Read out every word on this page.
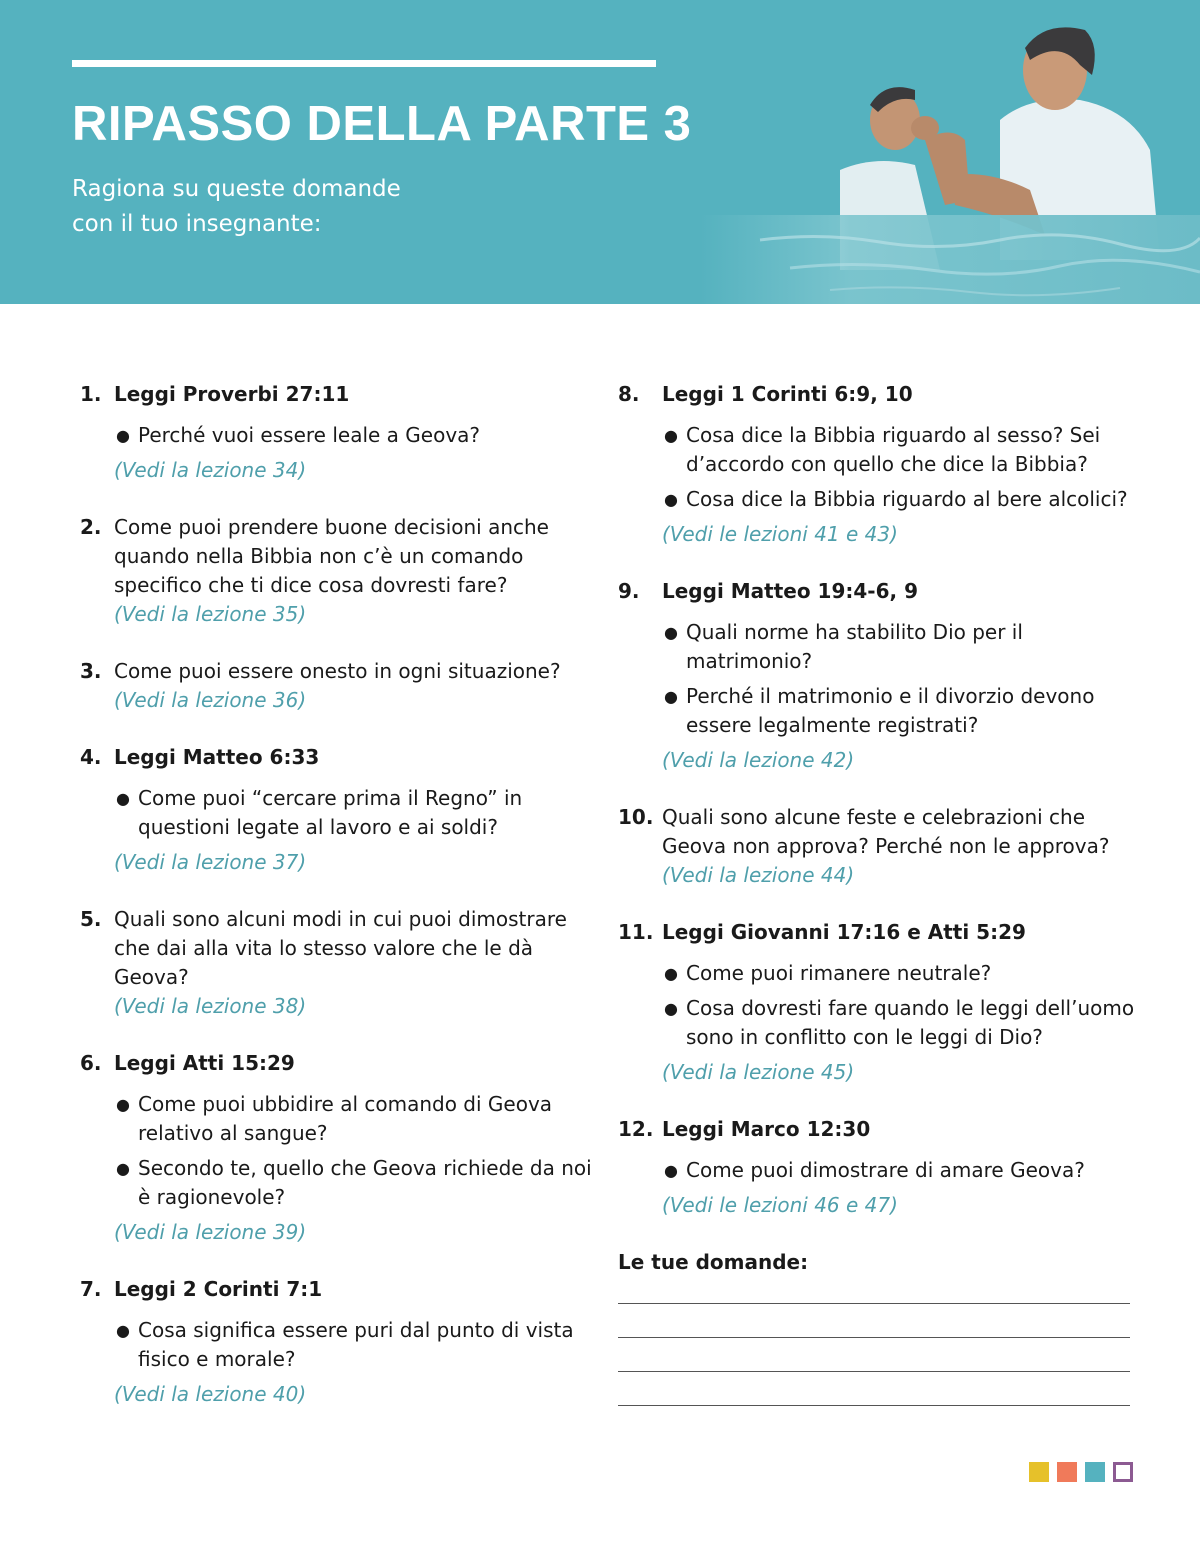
RIPASSO DELLA PARTE 3
Ragiona su queste domande
con il tuo insegnante:
1. Leggi Proverbi 27:11
● Perché vuoi essere leale a Geova?
(Vedi la lezione 34)
2. Come puoi prendere buone decisioni anche quando nella Bibbia non c’è un comando specifico che ti dice cosa dovresti fare?
(Vedi la lezione 35)
3. Come puoi essere onesto in ogni situazione?
(Vedi la lezione 36)
4. Leggi Matteo 6:33
● Come puoi “cercare prima il Regno” in questioni legate al lavoro e ai soldi?
(Vedi la lezione 37)
5. Quali sono alcuni modi in cui puoi dimostrare che dai alla vita lo stesso valore che le dà Geova?
(Vedi la lezione 38)
6. Leggi Atti 15:29
● Come puoi ubbidire al comando di Geova relativo al sangue?
● Secondo te, quello che Geova richiede da noi è ragionevole?
(Vedi la lezione 39)
7. Leggi 2 Corinti 7:1
● Cosa significa essere puri dal punto di vista fisico e morale?
(Vedi la lezione 40)
8.	Leggi 1 Corinti 6:9, 10
● Cosa dice la Bibbia riguardo al sesso? Sei d’accordo con quello che dice la Bibbia?
● Cosa dice la Bibbia riguardo al bere alcolici?
(Vedi le lezioni 41 e 43)
9.	Leggi Matteo 19:4-6, 9
● Quali norme ha stabilito Dio per il matrimonio?
● Perché il matrimonio e il divorzio devono essere legalmente registrati?
(Vedi la lezione 42)
10. Quali sono alcune feste e celebrazioni che Geova non approva? Perché non le approva?
(Vedi la lezione 44)
11. Leggi Giovanni 17:16 e Atti 5:29
● Come puoi rimanere neutrale?
● Cosa dovresti fare quando le leggi dell’uomo sono in conflitto con le leggi di Dio?
(Vedi la lezione 45)
12. Leggi Marco 12:30
● Come puoi dimostrare di amare Geova?
(Vedi le lezioni 46 e 47)
Le tue domande:
